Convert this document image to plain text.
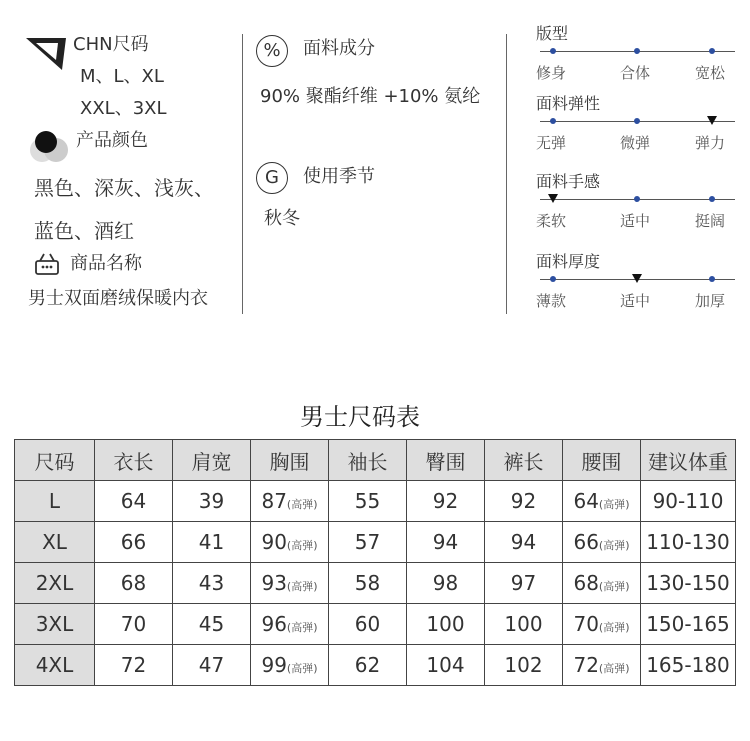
CHN尺码
M、L、XL
XXL、3XL
产品颜色
黑色、深灰、浅灰、
蓝色、酒红
商品名称
男士双面磨绒保暖内衣
%	面料成分
90% 聚酯纤维 +10% 氨纶
G	使用季节
秋冬
版型
修身	合体	宽松
面料弹性
无弹	微弹	弹力
面料手感
柔软	适中	挺阔
面料厚度
薄款	适中	加厚
男士尺码表
尺码	衣长	肩宽	胸围	袖长	臀围	裤长	腰围	建议体重
L	64	39	87(高弹)	55	92	92	64(高弹)	90-110
XL	66	41	90(高弹)	57	94	94	66(高弹)	110-130
2XL	68	43	93(高弹)	58	98	97	68(高弹)	130-150
3XL	70	45	96(高弹)	60	100	100	70(高弹)	150-165
4XL	72	47	99(高弹)	62	104	102	72(高弹)	165-180
